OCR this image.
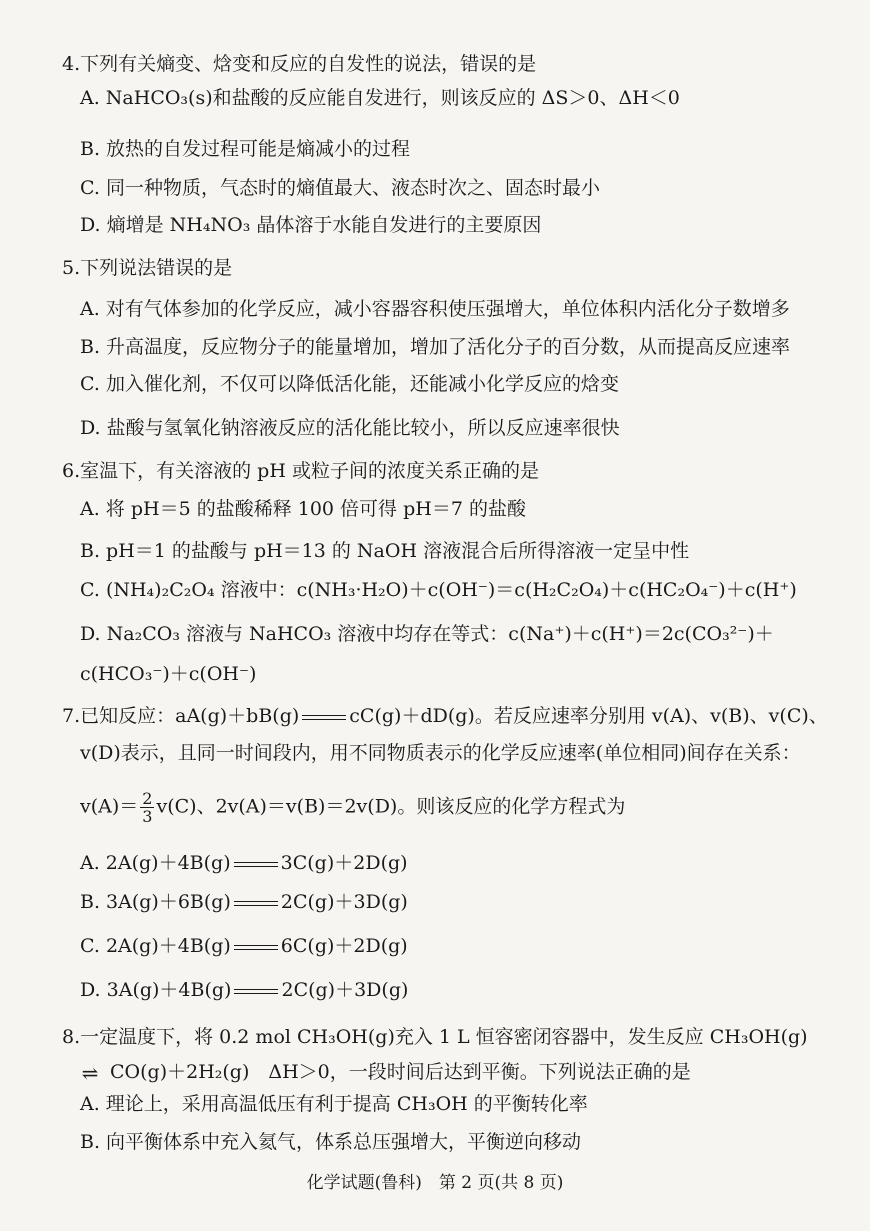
4.下列有关熵变、焓变和反应的自发性的说法，错误的是
A. NaHCO₃(s)和盐酸的反应能自发进行，则该反应的 ΔS＞0、ΔH＜0
B. 放热的自发过程可能是熵减小的过程
C. 同一种物质，气态时的熵值最大、液态时次之、固态时最小
D. 熵增是 NH₄NO₃ 晶体溶于水能自发进行的主要原因
5.下列说法错误的是
A. 对有气体参加的化学反应，减小容器容积使压强增大，单位体积内活化分子数增多
B. 升高温度，反应物分子的能量增加，增加了活化分子的百分数，从而提高反应速率
C. 加入催化剂，不仅可以降低活化能，还能减小化学反应的焓变
D. 盐酸与氢氧化钠溶液反应的活化能比较小，所以反应速率很快
6.室温下，有关溶液的 pH 或粒子间的浓度关系正确的是
A. 将 pH＝5 的盐酸稀释 100 倍可得 pH＝7 的盐酸
B. pH＝1 的盐酸与 pH＝13 的 NaOH 溶液混合后所得溶液一定呈中性
C. (NH₄)₂C₂O₄ 溶液中：c(NH₃·H₂O)＋c(OH⁻)＝c(H₂C₂O₄)＋c(HC₂O₄⁻)＋c(H⁺)
D. Na₂CO₃ 溶液与 NaHCO₃ 溶液中均存在等式：c(Na⁺)＋c(H⁺)＝2c(CO₃²⁻)＋
c(HCO₃⁻)＋c(OH⁻)
7.已知反应：aA(g)＋bB(g)	cC(g)＋dD(g)。若反应速率分别用 v(A)、v(B)、v(C)、
v(D)表示，且同一时间段内，用不同物质表示的化学反应速率(单位相同)间存在关系：
$v(A)= \frac{2}{3} v(C)$、2v(A)＝v(B)＝2v(D)。则该反应的化学方程式为
A. 2A(g)＋4B(g)	3C(g)＋2D(g)
B. 3A(g)＋6B(g)	2C(g)＋3D(g)
C. 2A(g)＋4B(g)	6C(g)＋2D(g)
D. 3A(g)＋4B(g)	2C(g)＋3D(g)
8.一定温度下，将 0.2 mol CH₃OH(g)充入 1 L 恒容密闭容器中，发生反应 CH₃OH(g)
⇌ CO(g)＋2H₂(g)　ΔH＞0，一段时间后达到平衡。下列说法正确的是
A. 理论上，采用高温低压有利于提高 CH₃OH 的平衡转化率
B. 向平衡体系中充入氦气，体系总压强增大，平衡逆向移动
化学试题(鲁科)　第 2 页(共 8 页)
